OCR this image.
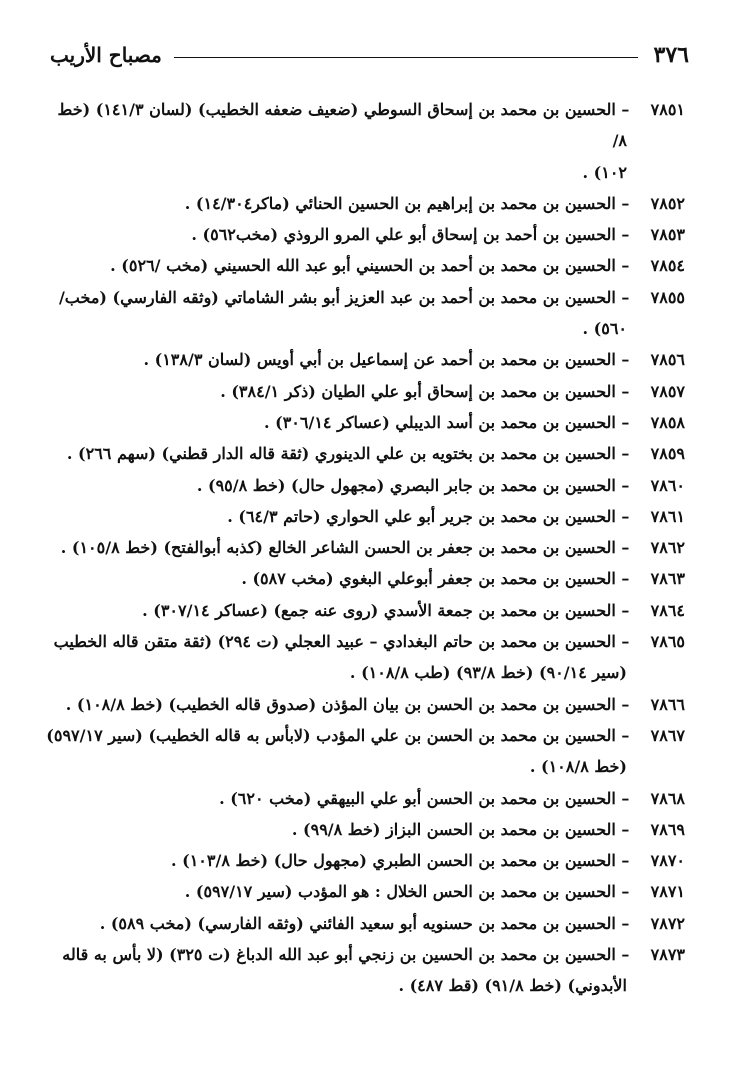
٣٧٦
مصباح الأريب

٧٨٥١ – الحسين بن محمد بن إسحاق السوطي (ضعيف ضعفه الخطيب) (لسان ١٤١/٣) (خط ٨/
١٠٢) .

٧٨٥٢ – الحسين بن محمد بن إبراهيم بن الحسين الحنائي (ماكر١٤/٣٠٤) .

٧٨٥٣ – الحسين بن أحمد بن إسحاق أبو علي المرو الروذي (مخب٥٦٢) .

٧٨٥٤ – الحسين بن محمد بن أحمد بن الحسيني أبو عبد الله الحسيني (مخب /٥٢٦) .

٧٨٥٥ – الحسين بن محمد بن أحمد بن عبد العزيز أبو بشر الشاماتي (وثقه الفارسي) (مخب/ ٥٦٠) .

٧٨٥٦ – الحسين بن محمد بن أحمد عن إسماعيل بن أبي أويس (لسان ١٣٨/٣) .

٧٨٥٧ – الحسين بن محمد بن إسحاق أبو علي الطيان (ذكر ٣٨٤/١) .

٧٨٥٨ – الحسين بن محمد بن أسد الديبلي (عساكر ٣٠٦/١٤) .

٧٨٥٩ – الحسين بن محمد بن بختويه بن علي الدينوري (ثقة قاله الدار قطني) (سهم ٢٦٦) .

٧٨٦٠ – الحسين بن محمد بن جابر البصري (مجهول حال) (خط ٩٥/٨) .

٧٨٦١ – الحسين بن محمد بن جرير أبو علي الحواري (حاتم ٦٤/٣) .

٧٨٦٢ – الحسين بن محمد بن جعفر بن الحسن الشاعر الخالع (كذبه أبوالفتح) (خط ١٠٥/٨) .

٧٨٦٣ – الحسين بن محمد بن جعفر أبوعلي البغوي (مخب ٥٨٧) .

٧٨٦٤ – الحسين بن محمد بن جمعة الأسدي (روى عنه جمع) (عساكر ٣٠٧/١٤) .

٧٨٦٥ – الحسين بن محمد بن حاتم البغدادي – عبيد العجلي (ت ٢٩٤) (ثقة متقن قاله الخطيب
(سير ٩٠/١٤) (خط ٩٣/٨) (طب ١٠٨/٨) .

٧٨٦٦ – الحسين بن محمد بن الحسن بن بيان المؤذن (صدوق قاله الخطيب) (خط ١٠٨/٨) .

٧٨٦٧ – الحسين بن محمد بن الحسن بن علي المؤدب (لابأس به قاله الخطيب) (سير ٥٩٧/١٧)
(خط ١٠٨/٨) .

٧٨٦٨ – الحسين بن محمد بن الحسن أبو علي البيهقي (مخب ٦٢٠) .

٧٨٦٩ – الحسين بن محمد بن الحسن البزاز (خط ٩٩/٨) .

٧٨٧٠ – الحسين بن محمد بن الحسن الطبري (مجهول حال) (خط ١٠٣/٨) .

٧٨٧١ – الحسين بن محمد بن الحس الخلال : هو المؤدب (سير ٥٩٧/١٧) .

٧٨٧٢ – الحسين بن محمد بن حسنويه أبو سعيد الفائني (وثقه الفارسي) (مخب ٥٨٩) .

٧٨٧٣ – الحسين بن محمد بن الحسين بن زنجي أبو عبد الله الدباغ (ت ٣٢٥) (لا بأس به قاله
الأبدوني) (خط ٩١/٨) (قط ٤٨٧) .
